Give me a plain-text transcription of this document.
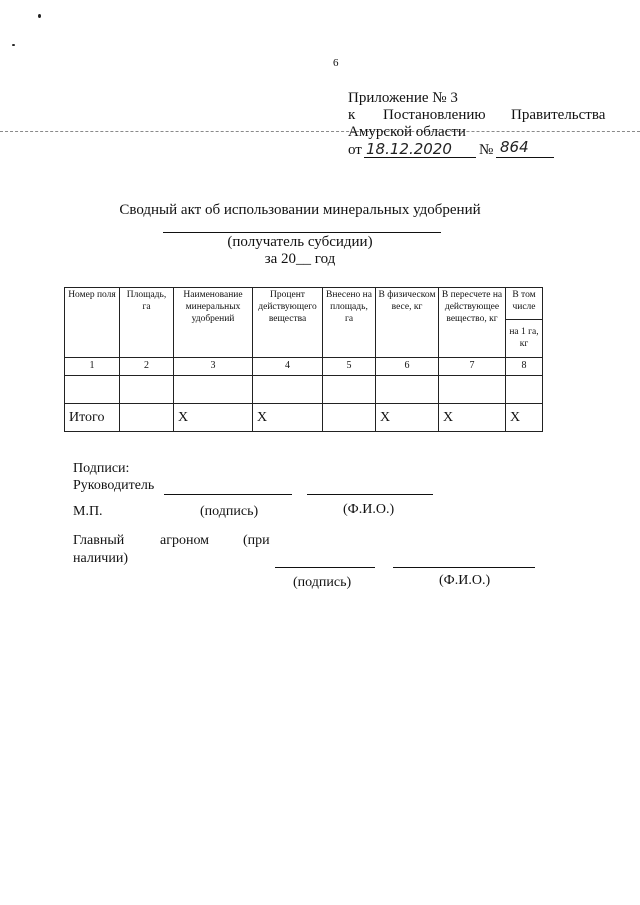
6
Приложение № 3
к Постановлению Правительства
Амурской области
от 18.12.2020 № 864
Сводный акт об использовании минеральных удобрений
(получатель субсидии)
за 20__ год
Номер поля	Площадь, га	Наименование минеральных удобрений	Процент действующего вещества	Внесено на площадь, га	В физическом весе, кг	В пересчете на действующее вещество, кг	В том числе
							на 1 га, кг
1	2	3	4	5	6	7	8

Итого		Х	Х		Х	Х	Х
Подписи:
Руководитель
М.П.	(подпись)	(Ф.И.О.)
Главный	агроном (при
наличии)
(подпись)	(Ф.И.О.)
